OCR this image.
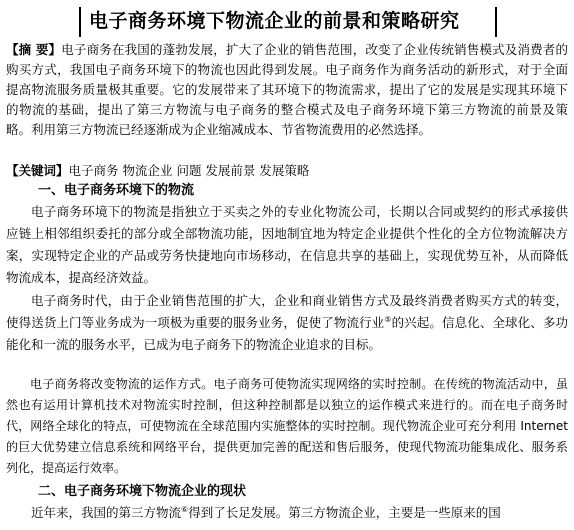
电子商务环境下物流企业的前景和策略研究

【摘 要】电子商务在我国的蓬勃发展，扩大了企业的销售范围，改变了企业传统销售模式及消费者的购买方式，我国电子商务环境下的物流也因此得到发展。电子商务作为商务活动的新形式，对于全面提高物流服务质量极其重要。它的发展带来了其环境下的物流需求，提出了它的发展是实现其环境下的物流的基础，提出了第三方物流与电子商务的整合模式及电子商务环境下第三方物流的前景及策略。利用第三方物流已经逐渐成为企业缩减成本、节省物流费用的必然选择。

【关键词】电子商务 物流企业 问题 发展前景 发展策略

一、电子商务环境下的物流

电子商务环境下的物流是指独立于买卖之外的专业化物流公司，长期以合同或契约的形式承接供应链上相邻组织委托的部分或全部物流功能，因地制宜地为特定企业提供个性化的全方位物流解决方案，实现特定企业的产品或劳务快捷地向市场移动，在信息共享的基础上，实现优势互补，从而降低物流成本，提高经济效益。

电子商务时代，由于企业销售范围的扩大，企业和商业销售方式及最终消费者购买方式的转变，使得送货上门等业务成为一项极为重要的服务业务，促使了物流行业⑤的兴起。信息化、全球化、多功能化和一流的服务水平，已成为电子商务下的物流企业追求的目标。

电子商务将改变物流的运作方式。电子商务可使物流实现网络的实时控制。在传统的物流活动中，虽然也有运用计算机技术对物流实时控制，但这种控制都是以独立的运作模式来进行的。而在电子商务时代，网络全球化的特点，可使物流在全球范围内实施整体的实时控制。现代物流企业可充分利用 Internet 的巨大优势建立信息系统和网络平台，提供更加完善的配送和售后服务，使现代物流功能集成化、服务系列化，提高运行效率。

二、电子商务环境下物流企业的现状

近年来，我国的第三方物流⑥得到了长足发展。第三方物流企业，主要是一些原来的国
